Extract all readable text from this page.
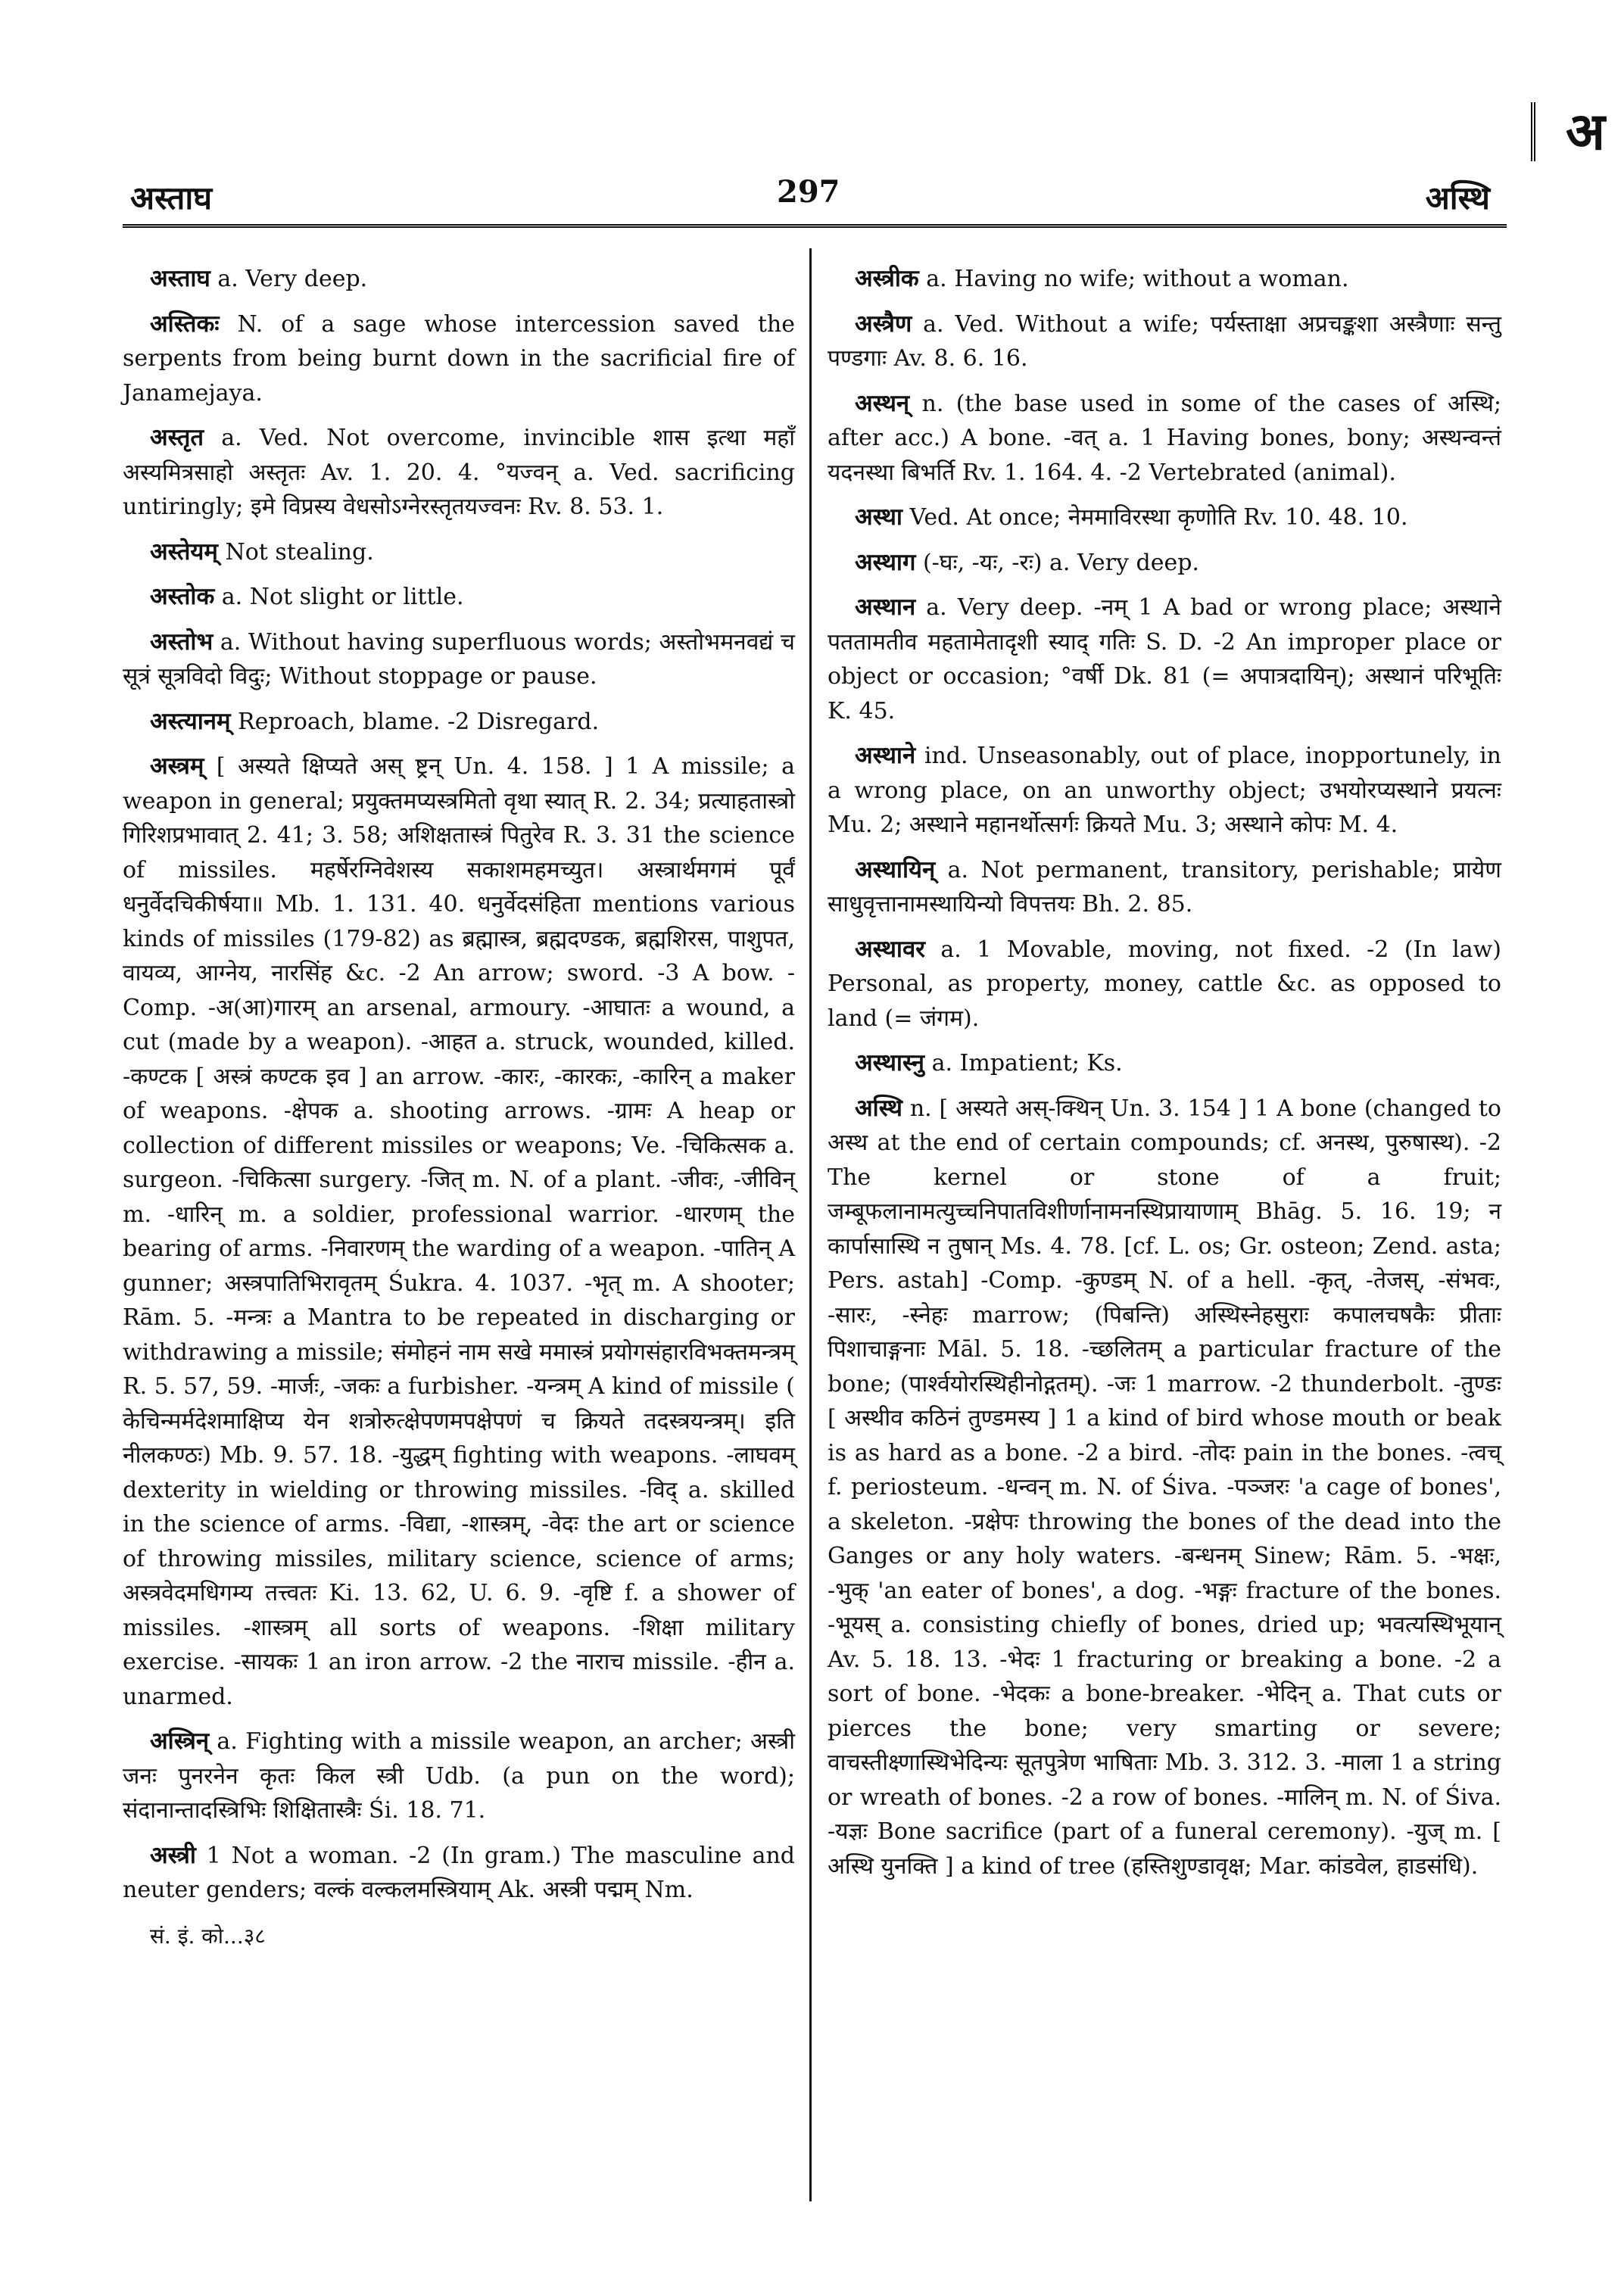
अ
अस्ताघ	297	अस्थि

अस्ताघ a. Very deep.

अस्तिकः N. of a sage whose intercession saved the serpents from being burnt down in the sacrificial fire of Janamejaya.

अस्तृत a. Ved. Not overcome, invincible शास इत्था महाँ अस्यमित्रसाहो अस्तृतः Av. 1. 20. 4. °यज्वन् a. Ved. sacrificing untiringly; इमे विप्रस्य वेधसोऽग्नेरस्तृतयज्वनः Rv. 8. 53. 1.

अस्तेयम् Not stealing.

अस्तोक a. Not slight or little.

अस्तोभ a. Without having superfluous words; अस्तोभमनवद्यं च सूत्रं सूत्रविदो विदुः; Without stoppage or pause.

अस्त्यानम् Reproach, blame. -2 Disregard.

अस्त्रम् [ अस्यते क्षिप्यते अस् ष्ट्रन् Un. 4. 158. ] 1 A missile; a weapon in general; प्रयुक्तमप्यस्त्रमितो वृथा स्यात् R. 2. 34; प्रत्याहतास्त्रो गिरिशप्रभावात् 2. 41; 3. 58; अशिक्षतास्त्रं पितुरेव R. 3. 31 the science of missiles. महर्षेरग्निवेशस्य सकाशमहमच्युत। अस्त्रार्थमगमं पूर्वं धनुर्वेदचिकीर्षया॥ Mb. 1. 131. 40. धनुर्वेदसंहिता mentions various kinds of missiles (179-82) as ब्रह्मास्त्र, ब्रह्मदण्डक, ब्रह्मशिरस, पाशुपत, वायव्य, आग्नेय, नारसिंह &c. -2 An arrow; sword. -3 A bow. -Comp. -अ(आ)गारम् an arsenal, armoury. -आघातः a wound, a cut (made by a weapon). -आहत a. struck, wounded, killed. -कण्टक [ अस्त्रं कण्टक इव ] an arrow. -कारः, -कारकः, -कारिन् a maker of weapons. -क्षेपक a. shooting arrows. -ग्रामः A heap or collection of different missiles or weapons; Ve. -चिकित्सक a. surgeon. -चिकित्सा surgery. -जित् m. N. of a plant. -जीवः, -जीविन् m. -धारिन् m. a soldier, professional warrior. -धारणम् the bearing of arms. -निवारणम् the warding of a weapon. -पातिन् A gunner; अस्त्रपातिभिरावृतम् Śukra. 4. 1037. -भृत् m. A shooter; Rām. 5. -मन्त्रः a Mantra to be repeated in discharging or withdrawing a missile; संमोहनं नाम सखे ममास्त्रं प्रयोगसंहारविभक्तमन्त्रम् R. 5. 57, 59. -मार्जः, -जकः a furbisher. -यन्त्रम् A kind of missile ( केचिन्मर्मदेशमाक्षिप्य येन शत्रोरुत्क्षेपणमपक्षेपणं च क्रियते तदस्त्रयन्त्रम्। इति नीलकण्ठः) Mb. 9. 57. 18. -युद्धम् fighting with weapons. -लाघवम् dexterity in wielding or throwing missiles. -विद् a. skilled in the science of arms. -विद्या, -शास्त्रम्, -वेदः the art or science of throwing missiles, military science, science of arms; अस्त्रवेदमधिगम्य तत्त्वतः Ki. 13. 62, U. 6. 9. -वृष्टि f. a shower of missiles. -शास्त्रम् all sorts of weapons. -शिक्षा military exercise. -सायकः 1 an iron arrow. -2 the नाराच missile. -हीन a. unarmed.

अस्त्रिन् a. Fighting with a missile weapon, an archer; अस्त्री जनः पुनरनेन कृतः किल स्त्री Udb. (a pun on the word); संदानान्तादस्त्रिभिः शिक्षितास्त्रैः Śi. 18. 71.

अस्त्री 1 Not a woman. -2 (In gram.) The masculine and neuter genders; वल्कं वल्कलमस्त्रियाम् Ak. अस्त्री पद्मम् Nm.

सं. इं. को...३८

अस्त्रीक a. Having no wife; without a woman.

अस्त्रैण a. Ved. Without a wife; पर्यस्ताक्षा अप्रचङ्कशा अस्त्रैणाः सन्तु पण्डगाः Av. 8. 6. 16.

अस्थन् n. (the base used in some of the cases of अस्थि; after acc.) A bone. -वत् a. 1 Having bones, bony; अस्थन्वन्तं यदनस्था बिभर्ति Rv. 1. 164. 4. -2 Vertebrated (animal).

अस्था Ved. At once; नेममाविरस्था कृणोति Rv. 10. 48. 10.

अस्थाग (-घः, -यः, -रः) a. Very deep.

अस्थान a. Very deep. -नम् 1 A bad or wrong place; अस्थाने पततामतीव महतामेतादृशी स्याद् गतिः S. D. -2 An improper place or object or occasion; °वर्षी Dk. 81 (= अपात्रदायिन्); अस्थानं परिभूतिः K. 45.

अस्थाने ind. Unseasonably, out of place, inopportunely, in a wrong place, on an unworthy object; उभयोरप्यस्थाने प्रयत्नः Mu. 2; अस्थाने महानर्थोत्सर्गः क्रियते Mu. 3; अस्थाने कोपः M. 4.

अस्थायिन् a. Not permanent, transitory, perishable; प्रायेण साधुवृत्तानामस्थायिन्यो विपत्तयः Bh. 2. 85.

अस्थावर a. 1 Movable, moving, not fixed. -2 (In law) Personal, as property, money, cattle &c. as opposed to land (= जंगम).

अस्थास्नु a. Impatient; Ks.

अस्थि n. [ अस्यते अस्-क्थिन् Un. 3. 154 ] 1 A bone (changed to अस्थ at the end of certain compounds; cf. अनस्थ, पुरुषास्थ). -2 The kernel or stone of a fruit; जम्बूफलानामत्युच्चनिपातविशीर्णानामनस्थिप्रायाणाम् Bhāg. 5. 16. 19; न कार्पासास्थि न तुषान् Ms. 4. 78. [cf. L. os; Gr. osteon; Zend. asta; Pers. astah] -Comp. -कुण्डम् N. of a hell. -कृत्, -तेजस्, -संभवः, -सारः, -स्नेहः marrow; (पिबन्ति) अस्थिस्नेहसुराः कपालचषकैः प्रीताः पिशाचाङ्गनाः Māl. 5. 18. -च्छलितम् a particular fracture of the bone; (पार्श्वयोरस्थिहीनोद्गतम्). -जः 1 marrow. -2 thunderbolt. -तुण्डः [ अस्थीव कठिनं तुण्डमस्य ] 1 a kind of bird whose mouth or beak is as hard as a bone. -2 a bird. -तोदः pain in the bones. -त्वच् f. periosteum. -धन्वन् m. N. of Śiva. -पञ्जरः 'a cage of bones', a skeleton. -प्रक्षेपः throwing the bones of the dead into the Ganges or any holy waters. -बन्धनम् Sinew; Rām. 5. -भक्षः, -भुक् 'an eater of bones', a dog. -भङ्गः fracture of the bones. -भूयस् a. consisting chiefly of bones, dried up; भवत्यस्थिभूयान् Av. 5. 18. 13. -भेदः 1 fracturing or breaking a bone. -2 a sort of bone. -भेदकः a bone-breaker. -भेदिन् a. That cuts or pierces the bone; very smarting or severe; वाचस्तीक्ष्णास्थिभेदिन्यः सूतपुत्रेण भाषिताः Mb. 3. 312. 3. -माला 1 a string or wreath of bones. -2 a row of bones. -मालिन् m. N. of Śiva. -यज्ञः Bone sacrifice (part of a funeral ceremony). -युज् m. [ अस्थि युनक्ति ] a kind of tree (हस्तिशुण्डावृक्ष; Mar. कांडवेल, हाडसंधि).
